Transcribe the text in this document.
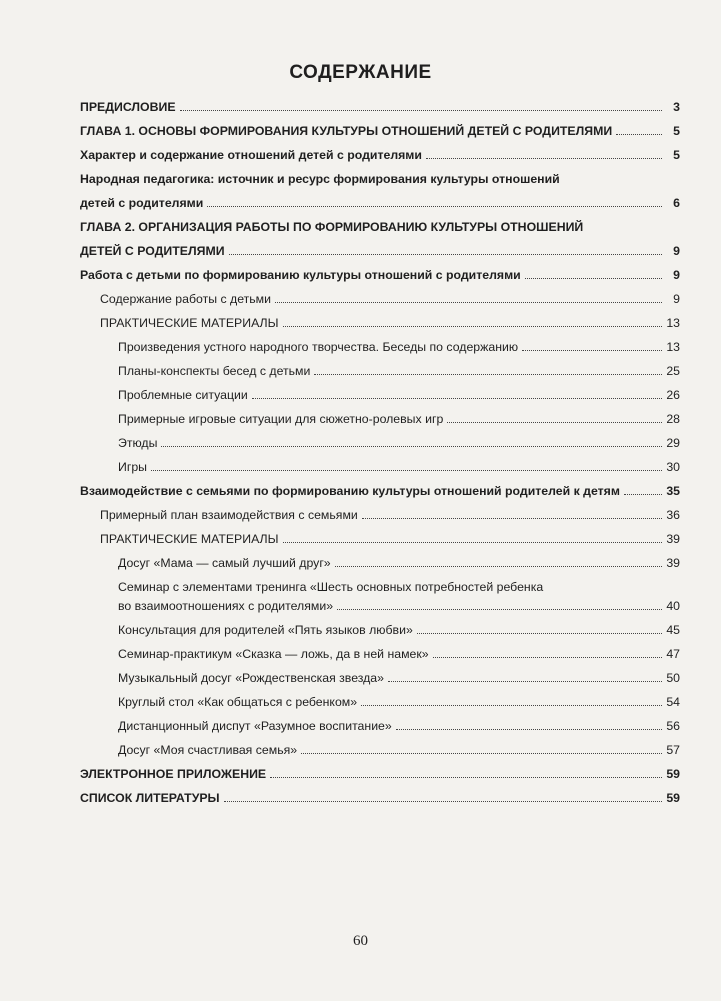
СОДЕРЖАНИЕ
ПРЕДИСЛОВИЕ	3
ГЛАВА 1. ОСНОВЫ ФОРМИРОВАНИЯ КУЛЬТУРЫ ОТНОШЕНИЙ ДЕТЕЙ С РОДИТЕЛЯМИ	5
Характер и содержание отношений детей с родителями	5
Народная педагогика: источник и ресурс формирования культуры отношений
детей с родителями	6
ГЛАВА 2. ОРГАНИЗАЦИЯ РАБОТЫ ПО ФОРМИРОВАНИЮ КУЛЬТУРЫ ОТНОШЕНИЙ
ДЕТЕЙ С РОДИТЕЛЯМИ	9
Работа с детьми по формированию культуры отношений с родителями	9
Содержание работы с детьми	9
ПРАКТИЧЕСКИЕ МАТЕРИАЛЫ	13
Произведения устного народного творчества. Беседы по содержанию	13
Планы-конспекты бесед с детьми	25
Проблемные ситуации	26
Примерные игровые ситуации для сюжетно-ролевых игр	28
Этюды	29
Игры	30
Взаимодействие с семьями по формированию культуры отношений родителей к детям	35
Примерный план взаимодействия с семьями	36
ПРАКТИЧЕСКИЕ МАТЕРИАЛЫ	39
Досуг «Мама — самый лучший друг»	39
Семинар с элементами тренинга «Шесть основных потребностей ребенка
во взаимоотношениях с родителями»	40
Консультация для родителей «Пять языков любви»	45
Семинар-практикум «Сказка — ложь, да в ней намек»	47
Музыкальный досуг «Рождественская звезда»	50
Круглый стол «Как общаться с ребенком»	54
Дистанционный диспут «Разумное воспитание»	56
Досуг «Моя счастливая семья»	57
ЭЛЕКТРОННОЕ ПРИЛОЖЕНИЕ	59
СПИСОК ЛИТЕРАТУРЫ	59
60
